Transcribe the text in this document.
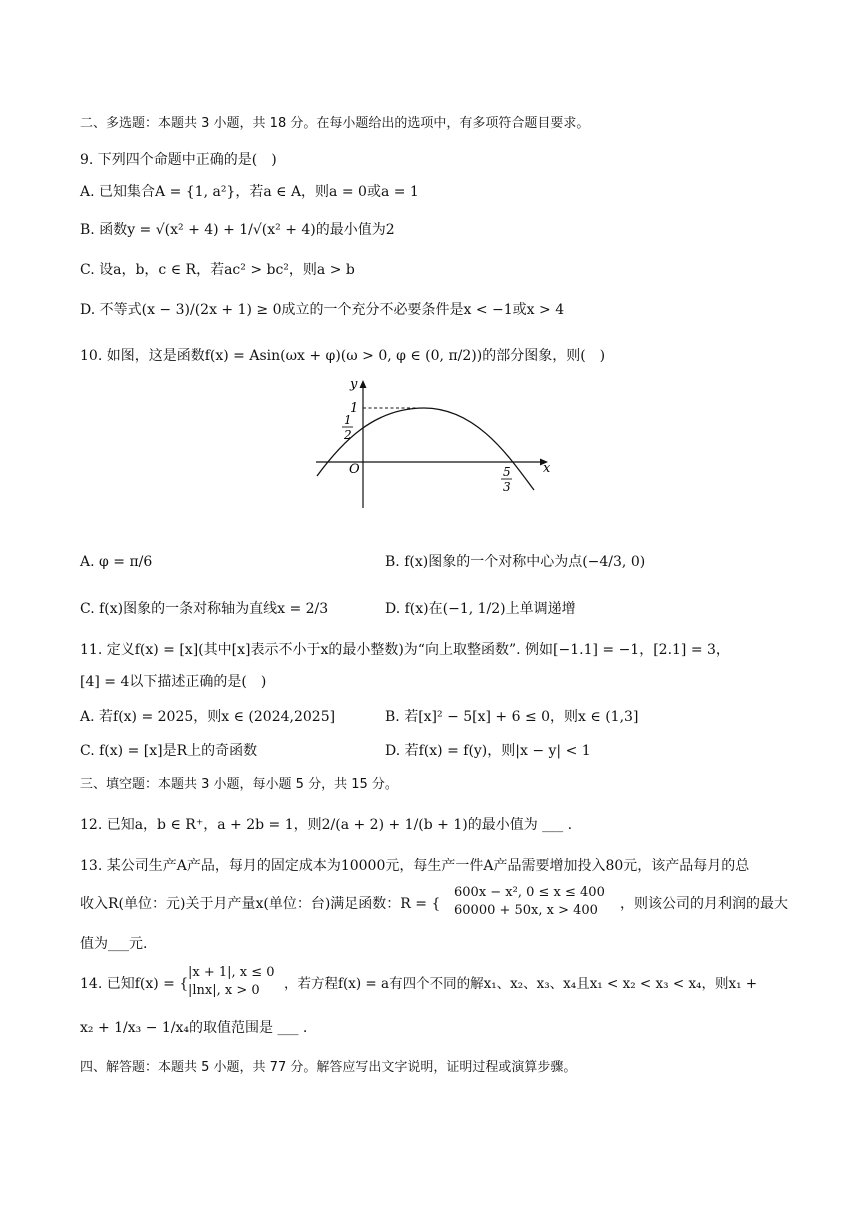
二、多选题：本题共 3 小题，共 18 分。在每小题给出的选项中，有多项符合题目要求。
9. 下列四个命题中正确的是(　)
A. 已知集合A = {1, a²}，若a ∈ A，则a = 0或a = 1
B. 函数y = √(x² + 4) + 1/√(x² + 4)的最小值为2
C. 设a，b，c ∈ R，若ac² > bc²，则a > b
D. 不等式(x − 3)/(2x + 1) ≥ 0成立的一个充分不必要条件是x < −1或x > 4
10. 如图，这是函数f(x) = Asin(ωx + φ)(ω > 0, φ ∈ (0, π/2))的部分图象，则(　)
y
x
O
1
1
2
5
3
A. φ = π/6	B. f(x)图象的一个对称中心为点(−4/3, 0)
C. f(x)图象的一条对称轴为直线x = 2/3	D. f(x)在(−1, 1/2)上单调递增
11. 定义f(x) = [x](其中[x]表示不小于x的最小整数)为“向上取整函数”. 例如[−1.1] = −1，[2.1] = 3，
[4] = 4以下描述正确的是(　)
A. 若f(x) = 2025，则x ∈ (2024,2025]	B. 若[x]² − 5[x] + 6 ≤ 0，则x ∈ (1,3]
C. f(x) = [x]是R上的奇函数	D. 若f(x) = f(y)，则|x − y| < 1
三、填空题：本题共 3 小题，每小题 5 分，共 15 分。
12. 已知a，b ∈ R⁺，a + 2b = 1，则2/(a + 2) + 1/(b + 1)的最小值为 ___ .
13. 某公司生产A产品，每月的固定成本为10000元，每生产一件A产品需要增加投入80元，该产品每月的总
收入R(单位：元)关于月产量x(单位：台)满足函数：R = {
600x − x², 0 ≤ x ≤ 400
60000 + 50x, x > 400 ，则该公司的月利润的最大
值为___元.
14. 已知f(x) = {
|x + 1|, x ≤ 0
|lnx|, x > 0 ，若方程f(x) = a有四个不同的解x₁、x₂、x₃、x₄且x₁ < x₂ < x₃ < x₄，则x₁ +
x₂ + 1/x₃ − 1/x₄的取值范围是 ___ .
四、解答题：本题共 5 小题，共 77 分。解答应写出文字说明，证明过程或演算步骤。
